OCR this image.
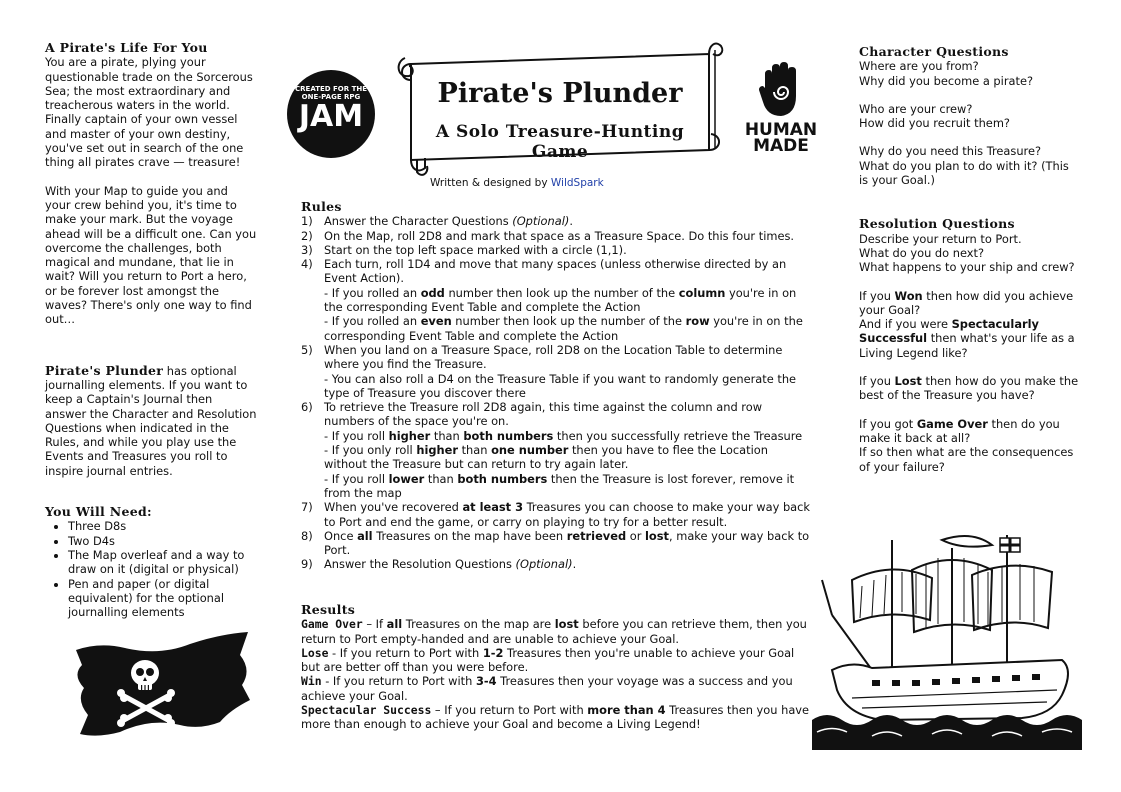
A Pirate's Life For You

You are a pirate, plying your questionable trade on the Sorcerous Sea; the most extraordinary and treacherous waters in the world. Finally captain of your own vessel and master of your own destiny, you've set out in search of the one thing all pirates crave — treasure!

With your Map to guide you and your crew behind you, it's time to make your mark. But the voyage ahead will be a difficult one. Can you overcome the challenges, both magical and mundane, that lie in wait? Will you return to Port a hero, or be forever lost amongst the waves? There's only one way to find out…

Pirate's Plunder has optional journalling elements. If you want to keep a Captain's Journal then answer the Character and Resolution Questions when indicated in the Rules, and while you play use the Events and Treasures you roll to inspire journal entries.

You Will Need:
• Three D8s
• Two D4s
• The Map overleaf and a way to draw on it (digital or physical)
• Pen and paper (or digital equivalent) for the optional journalling elements
CREATED FOR THE
ONE-PAGE RPG
JAM
Pirate's Plunder
A Solo Treasure-Hunting Game
Written & designed by WildSpark
HUMAN
MADE
Rules
1) Answer the Character Questions (Optional).
2) On the Map, roll 2D8 and mark that space as a Treasure Space. Do this four times.
3) Start on the top left space marked with a circle (1,1).
4) Each turn, roll 1D4 and move that many spaces (unless otherwise directed by an Event Action).
- If you rolled an odd number then look up the number of the column you're in on the corresponding Event Table and complete the Action
- If you rolled an even number then look up the number of the row you're in on the corresponding Event Table and complete the Action
5) When you land on a Treasure Space, roll 2D8 on the Location Table to determine where you find the Treasure.
- You can also roll a D4 on the Treasure Table if you want to randomly generate the type of Treasure you discover there
6) To retrieve the Treasure roll 2D8 again, this time against the column and row numbers of the space you're on.
- If you roll higher than both numbers then you successfully retrieve the Treasure
- If you only roll higher than one number then you have to flee the Location without the Treasure but can return to try again later.
- If you roll lower than both numbers then the Treasure is lost forever, remove it from the map
7) When you've recovered at least 3 Treasures you can choose to make your way back to Port and end the game, or carry on playing to try for a better result.
8) Once all Treasures on the map have been retrieved or lost, make your way back to Port.
9) Answer the Resolution Questions (Optional).
Results

Game Over – If all Treasures on the map are lost before you can retrieve them, then you return to Port empty-handed and are unable to achieve your Goal.

Lose - If you return to Port with 1-2 Treasures then you're unable to achieve your Goal but are better off than you were before.

Win - If you return to Port with 3-4 Treasures then your voyage was a success and you achieve your Goal.

Spectacular Success – If you return to Port with more than 4 Treasures then you have more than enough to achieve your Goal and become a Living Legend!

Character Questions

Where are you from?

Why did you become a pirate?

Who are your crew?

How did you recruit them?

Why do you need this Treasure?

What do you plan to do with it? (This is your Goal.)

Resolution Questions

Describe your return to Port.

What do you do next?

What happens to your ship and crew?

If you Won then how did you achieve your Goal?

And if you were Spectacularly Successful then what's your life as a Living Legend like?

If you Lost then how do you make the best of the Treasure you have?

If you got Game Over then do you make it back at all?

If so then what are the consequences of your failure?
